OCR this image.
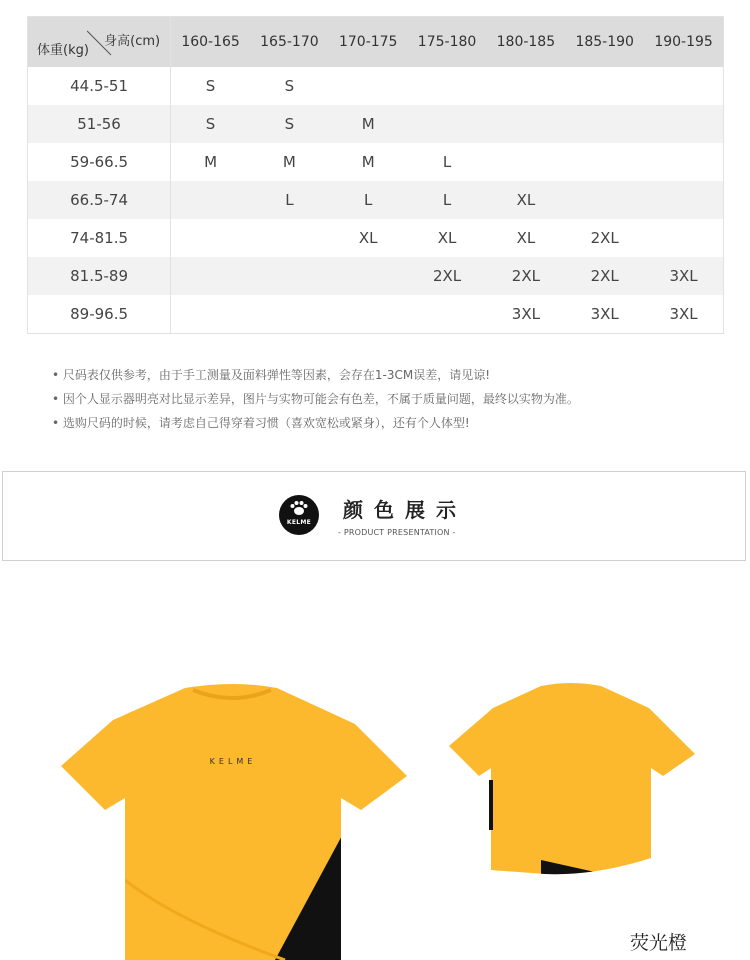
身高(cm)
体重(kg)	160-165	165-170	170-175	175-180	180-185	185-190	190-195
44.5-51	S	S					
51-56	S	S	M				
59-66.5	M	M	M	L			
66.5-74		L	L	L	XL		
74-81.5			XL	XL	XL	2XL	
81.5-89				2XL	2XL	2XL	3XL
89-96.5					3XL	3XL	3XL
• 尺码表仅供参考，由于手工测量及面料弹性等因素，会存在1-3CM误差，请见谅!
• 因个人显示器明亮对比显示差异，图片与实物可能会有色差，不属于质量问题，最终以实物为准。
• 选购尺码的时候，请考虑自己得穿着习惯（喜欢宽松或紧身），还有个人体型!
KELME
颜色展示
- PRODUCT PRESENTATION -
KELME
荧光橙
